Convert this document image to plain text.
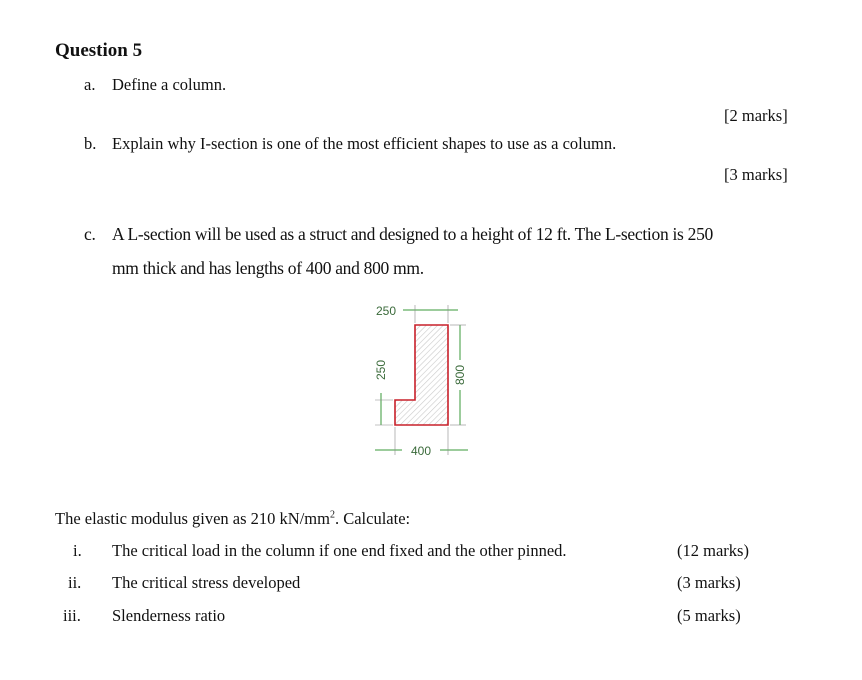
Question 5
a. Define a column.
[2 marks]
b. Explain why I-section is one of the most efficient shapes to use as a column.
[3 marks]
c. A L-section will be used as a struct and designed to a height of 12 ft. The L-section is 250
mm thick and has lengths of 400 and 800 mm.
400
250
800
250
The elastic modulus given as 210 $kN/mm^2$. Calculate:
i. The critical load in the column if one end fixed and the other pinned.	(12 marks)
ii. The critical stress developed	(3 marks)
iii. Slenderness ratio	(5 marks)
